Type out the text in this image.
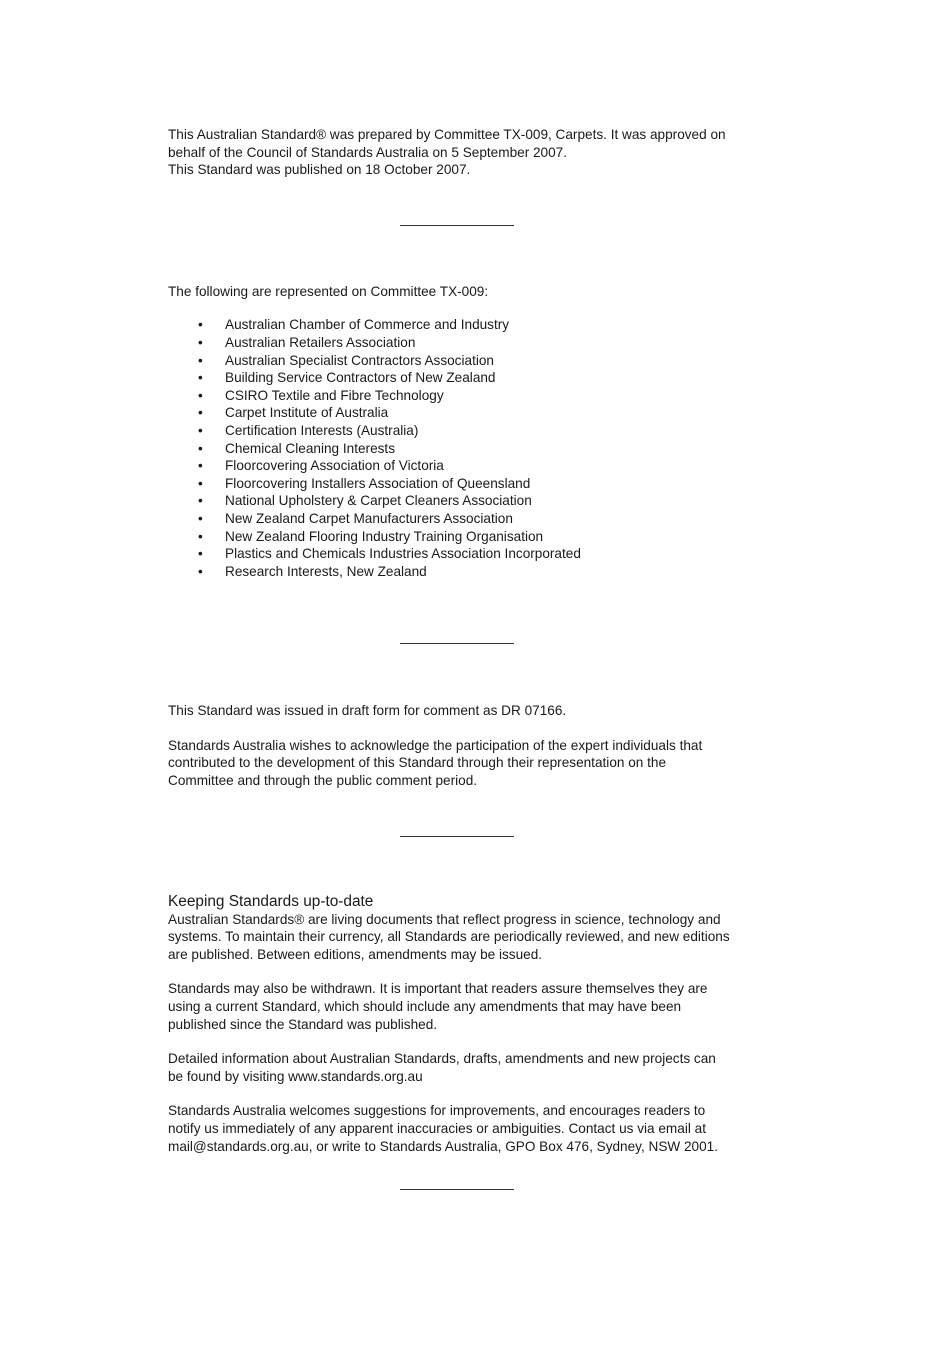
This Australian Standard® was prepared by Committee TX-009, Carpets. It was approved on

behalf of the Council of Standards Australia on 5 September 2007.

This Standard was published on 18 October 2007.

The following are represented on Committee TX-009:

• Australian Chamber of Commerce and Industry
• Australian Retailers Association
• Australian Specialist Contractors Association
• Building Service Contractors of New Zealand
• CSIRO Textile and Fibre Technology
• Carpet Institute of Australia
• Certification Interests (Australia)
• Chemical Cleaning Interests
• Floorcovering Association of Victoria
• Floorcovering Installers Association of Queensland
• National Upholstery & Carpet Cleaners Association
• New Zealand Carpet Manufacturers Association
• New Zealand Flooring Industry Training Organisation
• Plastics and Chemicals Industries Association Incorporated
• Research Interests, New Zealand

This Standard was issued in draft form for comment as DR 07166.

Standards Australia wishes to acknowledge the participation of the expert individuals that

contributed to the development of this Standard through their representation on the

Committee and through the public comment period.

Keeping Standards up-to-date

Australian Standards® are living documents that reflect progress in science, technology and

systems. To maintain their currency, all Standards are periodically reviewed, and new editions

are published. Between editions, amendments may be issued.

Standards may also be withdrawn. It is important that readers assure themselves they are

using a current Standard, which should include any amendments that may have been

published since the Standard was published.

Detailed information about Australian Standards, drafts, amendments and new projects can

be found by visiting www.standards.org.au

Standards Australia welcomes suggestions for improvements, and encourages readers to

notify us immediately of any apparent inaccuracies or ambiguities. Contact us via email at

mail@standards.org.au, or write to Standards Australia, GPO Box 476, Sydney, NSW 2001.
